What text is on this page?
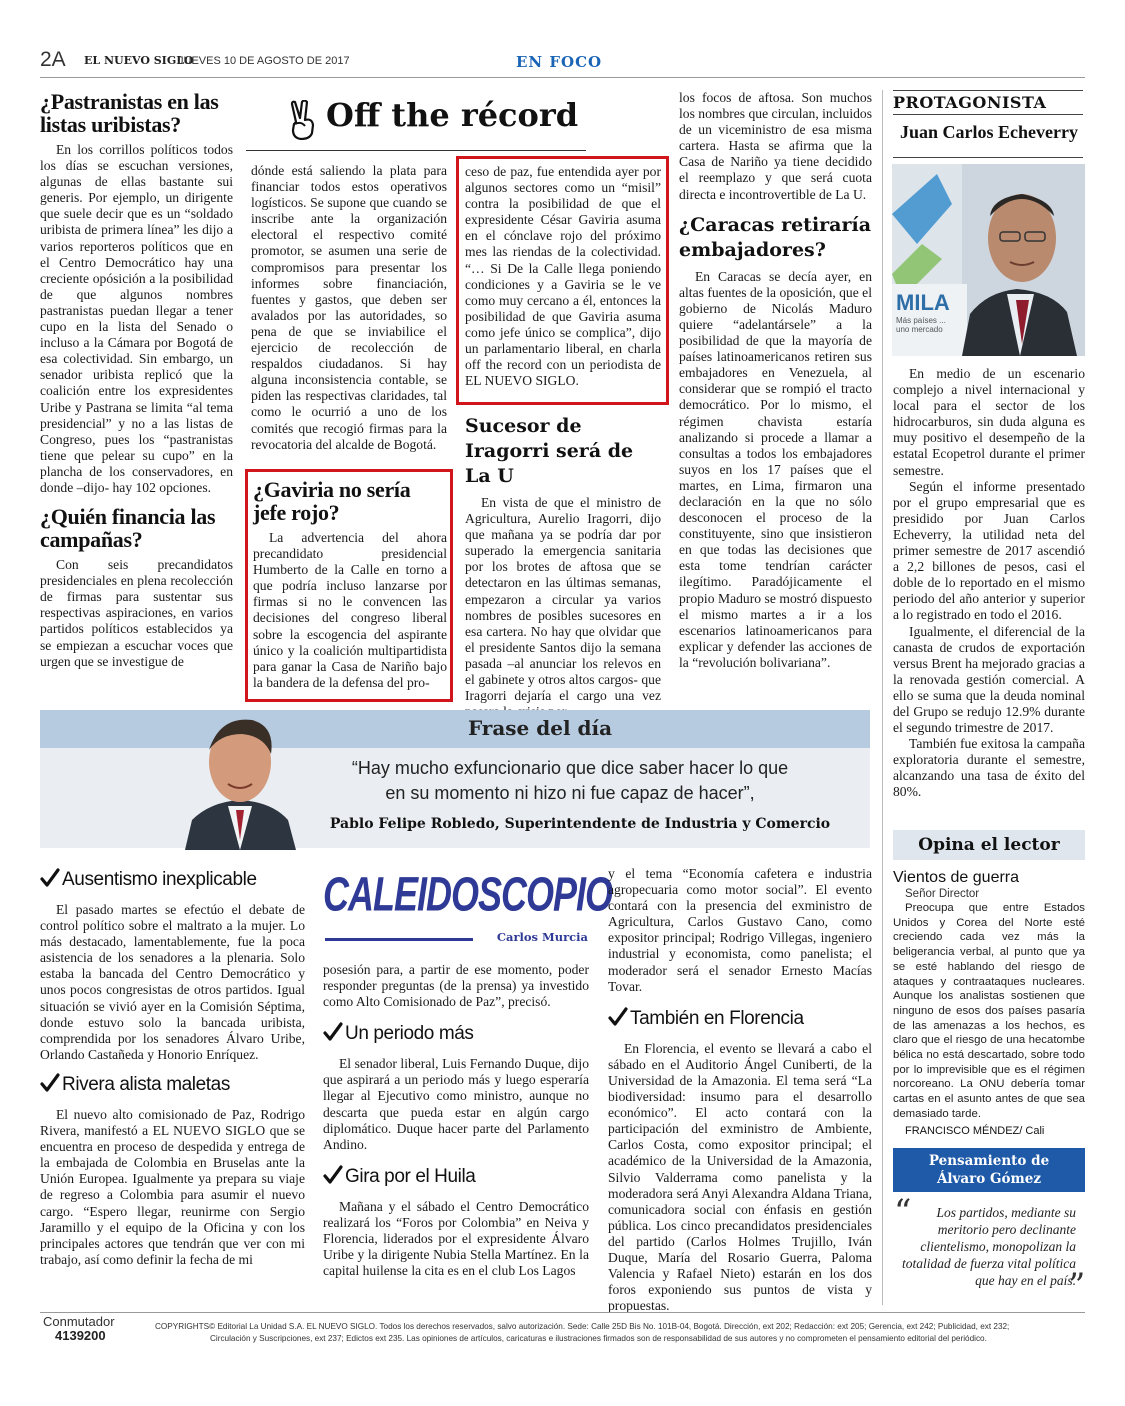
2A EL NUEVO SIGLO
JUEVES 10 DE AGOSTO DE 2017	EN FOCO
¿Pastranistas en las listas uribistas?

En los corrillos políticos todos los días se escuchan versiones, algunas de ellas bastante sui generis. Por ejemplo, un dirigente que suele decir que es un “soldado uribista de primera línea” les dijo a varios reporteros políticos que en el Centro Democrático hay una creciente opósición a la posibilidad de que algunos nombres pastranistas puedan llegar a tener cupo en la lista del Senado o incluso a la Cámara por Bogotá de esa colectividad. Sin embargo, un senador uribista replicó que la coalición entre los expresidentes Uribe y Pastrana se limita “al tema presidencial” y no a las listas de Congreso, pues los “pastranistas tiene que pelear su cupo” en la plancha de los conservadores, en donde –dijo- hay 102 opciones.

¿Quién financia las campañas?

Con seis precandidatos presidenciales en plena recolección de firmas para sustentar sus respectivas aspiraciones, en varios partidos políticos establecidos ya se empiezan a escuchar voces que urgen que se investigue de

Off the récord

dónde está saliendo la plata para financiar todos estos operativos logísticos. Se supone que cuando se inscribe ante la organización electoral el respectivo comité promotor, se asumen una serie de compromisos para presentar los informes sobre financiación, fuentes y gastos, que deben ser avalados por las autoridades, so pena de que se inviabilice el ejercicio de recolección de respaldos ciudadanos. Si hay alguna inconsistencia contable, se piden las respectivas claridades, tal como le ocurrió a uno de los comités que recogió firmas para la revocatoria del alcalde de Bogotá.

¿Gaviria no sería jefe rojo?

La advertencia del ahora precandidato presidencial Humberto de la Calle en torno a que podría incluso lanzarse por firmas si no le convencen las decisiones del congreso liberal sobre la escogencia del aspirante único y la coalición multipartidista para ganar la Casa de Nariño bajo la bandera de la defensa del pro-

ceso de paz, fue entendida ayer por algunos sectores como un “misil” contra la posibilidad de que el expresidente César Gaviria asuma en el cónclave rojo del próximo mes las riendas de la colectividad. “… Si De la Calle llega poniendo condiciones y a Gaviria se le ve como muy cercano a él, entonces la posibilidad de que Gaviria asuma como jefe único se complica”, dijo un parlamentario liberal, en charla off the record con un periodista de EL NUEVO SIGLO.

Sucesor de Iragorri será de La U

En vista de que el ministro de Agricultura, Aurelio Iragorri, dijo que mañana ya se podría dar por superado la emergencia sanitaria por los brotes de aftosa que se detectaron en las últimas semanas, empezaron a circular ya varios nombres de posibles sucesores en esa cartera. No hay que olvidar que el presidente Santos dijo la semana pasada –al anunciar los relevos en el gabinete y otros altos cargos- que Iragorri dejaría el cargo una vez

los focos de aftosa. Son muchos los nombres que circulan, incluidos de un viceministro de esa misma cartera. Hasta se afirma que la Casa de Nariño ya tiene decidido el reemplazo y que será cuota directa e incontrovertible de La U.

¿Caracas retiraría embajadores?

En Caracas se decía ayer, en altas fuentes de la oposición, que el gobierno de Nicolás Maduro quiere “adelantársele” a la posibilidad de que la mayoría de países latinoamericanos retiren sus embajadores en Venezuela, al considerar que se rompió el tracto democrático. Por lo mismo, el régimen chavista estaría analizando si procede a llamar a consultas a todos los embajadores suyos en los 17 países que el martes, en Lima, firmaron una declaración en la que no sólo desconocen el proceso de la constituyente, sino que insistieron en que todas las decisiones que esta tome tendrían carácter ilegítimo. Paradójicamente el propio Maduro se mostró dispuesto el mismo martes a ir a los escenarios latinoamericanos para explicar y defender las acciones de la “revolución bolivariana”.

PROTAGONISTA
Juan Carlos Echeverry
MILA
Más países ... uno mercado

En medio de un escenario complejo a nivel internacional y local para el sector de los hidrocarburos, sin duda alguna es muy positivo el desempeño de la estatal Ecopetrol durante el primer semestre.

Según el informe presentado por el grupo empresarial que es presidido por Juan Carlos Echeverry, la utilidad neta del primer semestre de 2017 ascendió a 2,2 billones de pesos, casi el doble de lo reportado en el mismo periodo del año anterior y superior a lo registrado en todo el 2016.

Igualmente, el diferencial de la canasta de crudos de exportación versus Brent ha mejorado gracias a la renovada gestión comercial. A ello se suma que la deuda nominal del Grupo se redujo 12.9% durante el segundo trimestre de 2017.

También fue exitosa la campaña exploratoria durante el semestre, alcanzando una tasa de éxito del 80%.

Frase del día
“Hay mucho exfuncionario que dice saber hacer lo que
en su momento ni hizo ni fue capaz de hacer”,
Pablo Felipe Robledo, Superintendente de Industria y Comercio
Opina el lector
Vientos de guerra
Señor Director

Preocupa que entre Estados Unidos y Corea del Norte esté creciendo cada vez más la beligerancia verbal, al punto que ya se esté hablando del riesgo de ataques y contraataques nucleares. Aunque los analistas sostienen que ninguno de esos dos países pasaría de las amenazas a los hechos, es claro que el riesgo de una hecatombe bélica no está descartado, sobre todo por lo imprevisible que es el régimen norcoreano. La ONU debería tomar cartas en el asunto antes de que sea demasiado tarde.

FRANCISCO MÉNDEZ/ Cali
Pensamiento de
Álvaro Gómez
“	Los partidos, mediante su meritorio pero declinante clientelismo, monopolizan la totalidad de fuerza vital política que hay en el país.
”
CALEIDOSCOPIO
Carlos Murcia
Ausentismo inexplicable

El pasado martes se efectúo el debate de control político sobre el maltrato a la mujer. Lo más destacado, lamentablemente, fue la poca asistencia de los senadores a la plenaria. Solo estaba la bancada del Centro Democrático y unos pocos congresistas de otros partidos. Igual situación se vivió ayer en la Comisión Séptima, donde estuvo solo la bancada uribista, comprendida por los senadores Álvaro Uribe, Orlando Castañeda y Honorio Enríquez.

Rivera alista maletas

El nuevo alto comisionado de Paz, Rodrigo Rivera, manifestó a EL NUEVO SIGLO que se encuentra en proceso de despedida y entrega de la embajada de Colombia en Bruselas ante la Unión Europea. Igualmente ya prepara su viaje de regreso a Colombia para asumir el nuevo cargo. “Espero llegar, reunirme con Sergio Jaramillo y el equipo de la Oficina y con los principales actores que tendrán que ver con mi trabajo, así como definir la fecha de mi

posesión para, a partir de ese momento, poder responder preguntas (de la prensa) ya investido como Alto Comisionado de Paz”, precisó.

Un periodo más

El senador liberal, Luis Fernando Duque, dijo que aspirará a un periodo más y luego esperaría llegar al Ejecutivo como ministro, aunque no descarta que pueda estar en algún cargo diplomático. Duque hacer parte del Parlamento Andino.

Gira por el Huila

Mañana y el sábado el Centro Democrático realizará los “Foros por Colombia” en Neiva y Florencia, liderados por el expresidente Álvaro Uribe y la dirigente Nubia Stella Martínez. En la capital huilense la cita es en el club Los Lagos

y el tema “Economía cafetera e industria agropecuaria como motor social”. El evento contará con la presencia del exministro de Agricultura, Carlos Gustavo Cano, como expositor principal; Rodrigo Villegas, ingeniero industrial y economista, como panelista; el moderador será el senador Ernesto Macías Tovar.

También en Florencia

En Florencia, el evento se llevará a cabo el sábado en el Auditorio Ángel Cuniberti, de la Universidad de la Amazonia. El tema será “La biodiversidad: insumo para el desarrollo económico”. El acto contará con la participación del exministro de Ambiente, Carlos Costa, como expositor principal; el académico de la Universidad de la Amazonia, Silvio Valderrama como panelista y la moderadora será Anyi Alexandra Aldana Triana, comunicadora social con énfasis en gestión pública. Los cinco precandidatos presidenciales del partido (Carlos Holmes Trujillo, Iván Duque, María del Rosario Guerra, Paloma Valencia y Rafael Nieto) estarán en los dos foros exponiendo sus puntos de vista y propuestas.

Conmutador
4139200
COPYRIGHTS© Editorial La Unidad S.A. EL NUEVO SIGLO. Todos los derechos reservados, salvo autorización. Sede: Calle 25D Bis No. 101B-04, Bogotá. Dirección, ext 202; Redacción: ext 205; Gerencia, ext 242; Publicidad, ext 232;
Circulación y Suscripciones, ext 237; Edictos ext 235. Las opiniones de artículos, caricaturas e ilustraciones firmados son de responsabilidad de sus autores y no comprometen el pensamiento editorial del periódico.
